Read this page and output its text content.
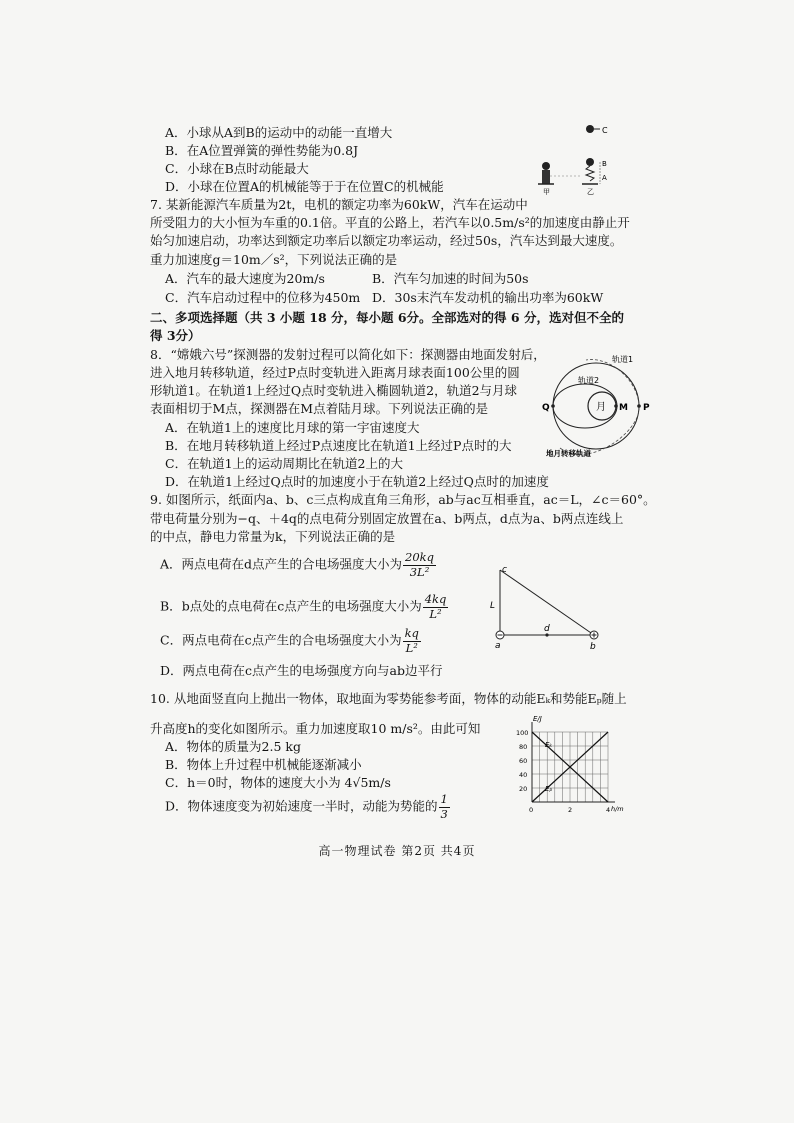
A．小球从A到B的运动中的动能一直增大
B．在A位置弹簧的弹性势能为0.8J
C．小球在B点时动能最大
D．小球在位置A的机械能等于于在位置C的机械能
C
甲
B
A
乙
7. 某新能源汽车质量为2t，电机的额定功率为60kW，汽车在运动中
所受阻力的大小恒为车重的0.1倍。平直的公路上，若汽车以0.5m/s²的加速度由静止开
始匀加速启动，功率达到额定功率后以额定功率运动，经过50s，汽车达到最大速度。
重力加速度g＝10m／s²，下列说法正确的是
A．汽车的最大速度为20m/s	B．汽车匀加速的时间为50s
C．汽车启动过程中的位移为450m D．30s末汽车发动机的输出功率为60kW
二、多项选择题（共 3 小题 18 分，每小题 6分。全部选对的得 6 分，选对但不全的
得 3分）
8．“嫦娥六号”探测器的发射过程可以简化如下：探测器由地面发射后，
进入地月转移轨道，经过P点时变轨进入距离月球表面100公里的圆
形轨道1。在轨道1上经过Q点时变轨进入椭圆轨道2，轨道2与月球
表面相切于M点，探测器在M点着陆月球。下列说法正确的是
A．在轨道1上的速度比月球的第一宇宙速度大
B．在地月转移轨道上经过P点速度比在轨道1上经过P点时的大
C．在轨道1上的运动周期比在轨道2上的大
D．在轨道1上经过Q点时的加速度小于在轨道2上经过Q点时的加速度
月
Q	M P
轨道1
轨道2
地月转移轨道
9. 如图所示，纸面内a、b、c三点构成直角三角形，ab与ac互相垂直，ac＝L，∠c＝60°。
带电荷量分别为−q、＋4q的点电荷分别固定放置在a、b两点，d点为a、b两点连线上
的中点，静电力常量为k，下列说法正确的是
A．两点电荷在d点产生的合电场强度大小为 $\frac{20kq}{\text{3L²}}$
B．b点处的点电荷在c点产生的电场强度大小为 $\frac{4kq}{\text{L²}}$
C．两点电荷在c点产生的合电场强度大小为 $\frac{kq}{\text{L²}}$
D．两点电荷在c点产生的电场强度方向与ab边平行
c
L
d
a	b
10. 从地面竖直向上抛出一物体，取地面为零势能参考面，物体的动能Eₖ和势能Eₚ随上
升高度h的变化如图所示。重力加速度取10 m/s²。由此可知
A．物体的质量为2.5 kg
B．物体上升过程中机械能逐渐减小
C．h＝0时，物体的速度大小为 4√5m/s
D．物体速度变为初始速度一半时，动能为势能的 $\frac{1}{3}$
E/J
h/m
100
80
60
40
20
0	2	4
Eₖ
Eₚ
高一物理试卷 第2页 共4页
